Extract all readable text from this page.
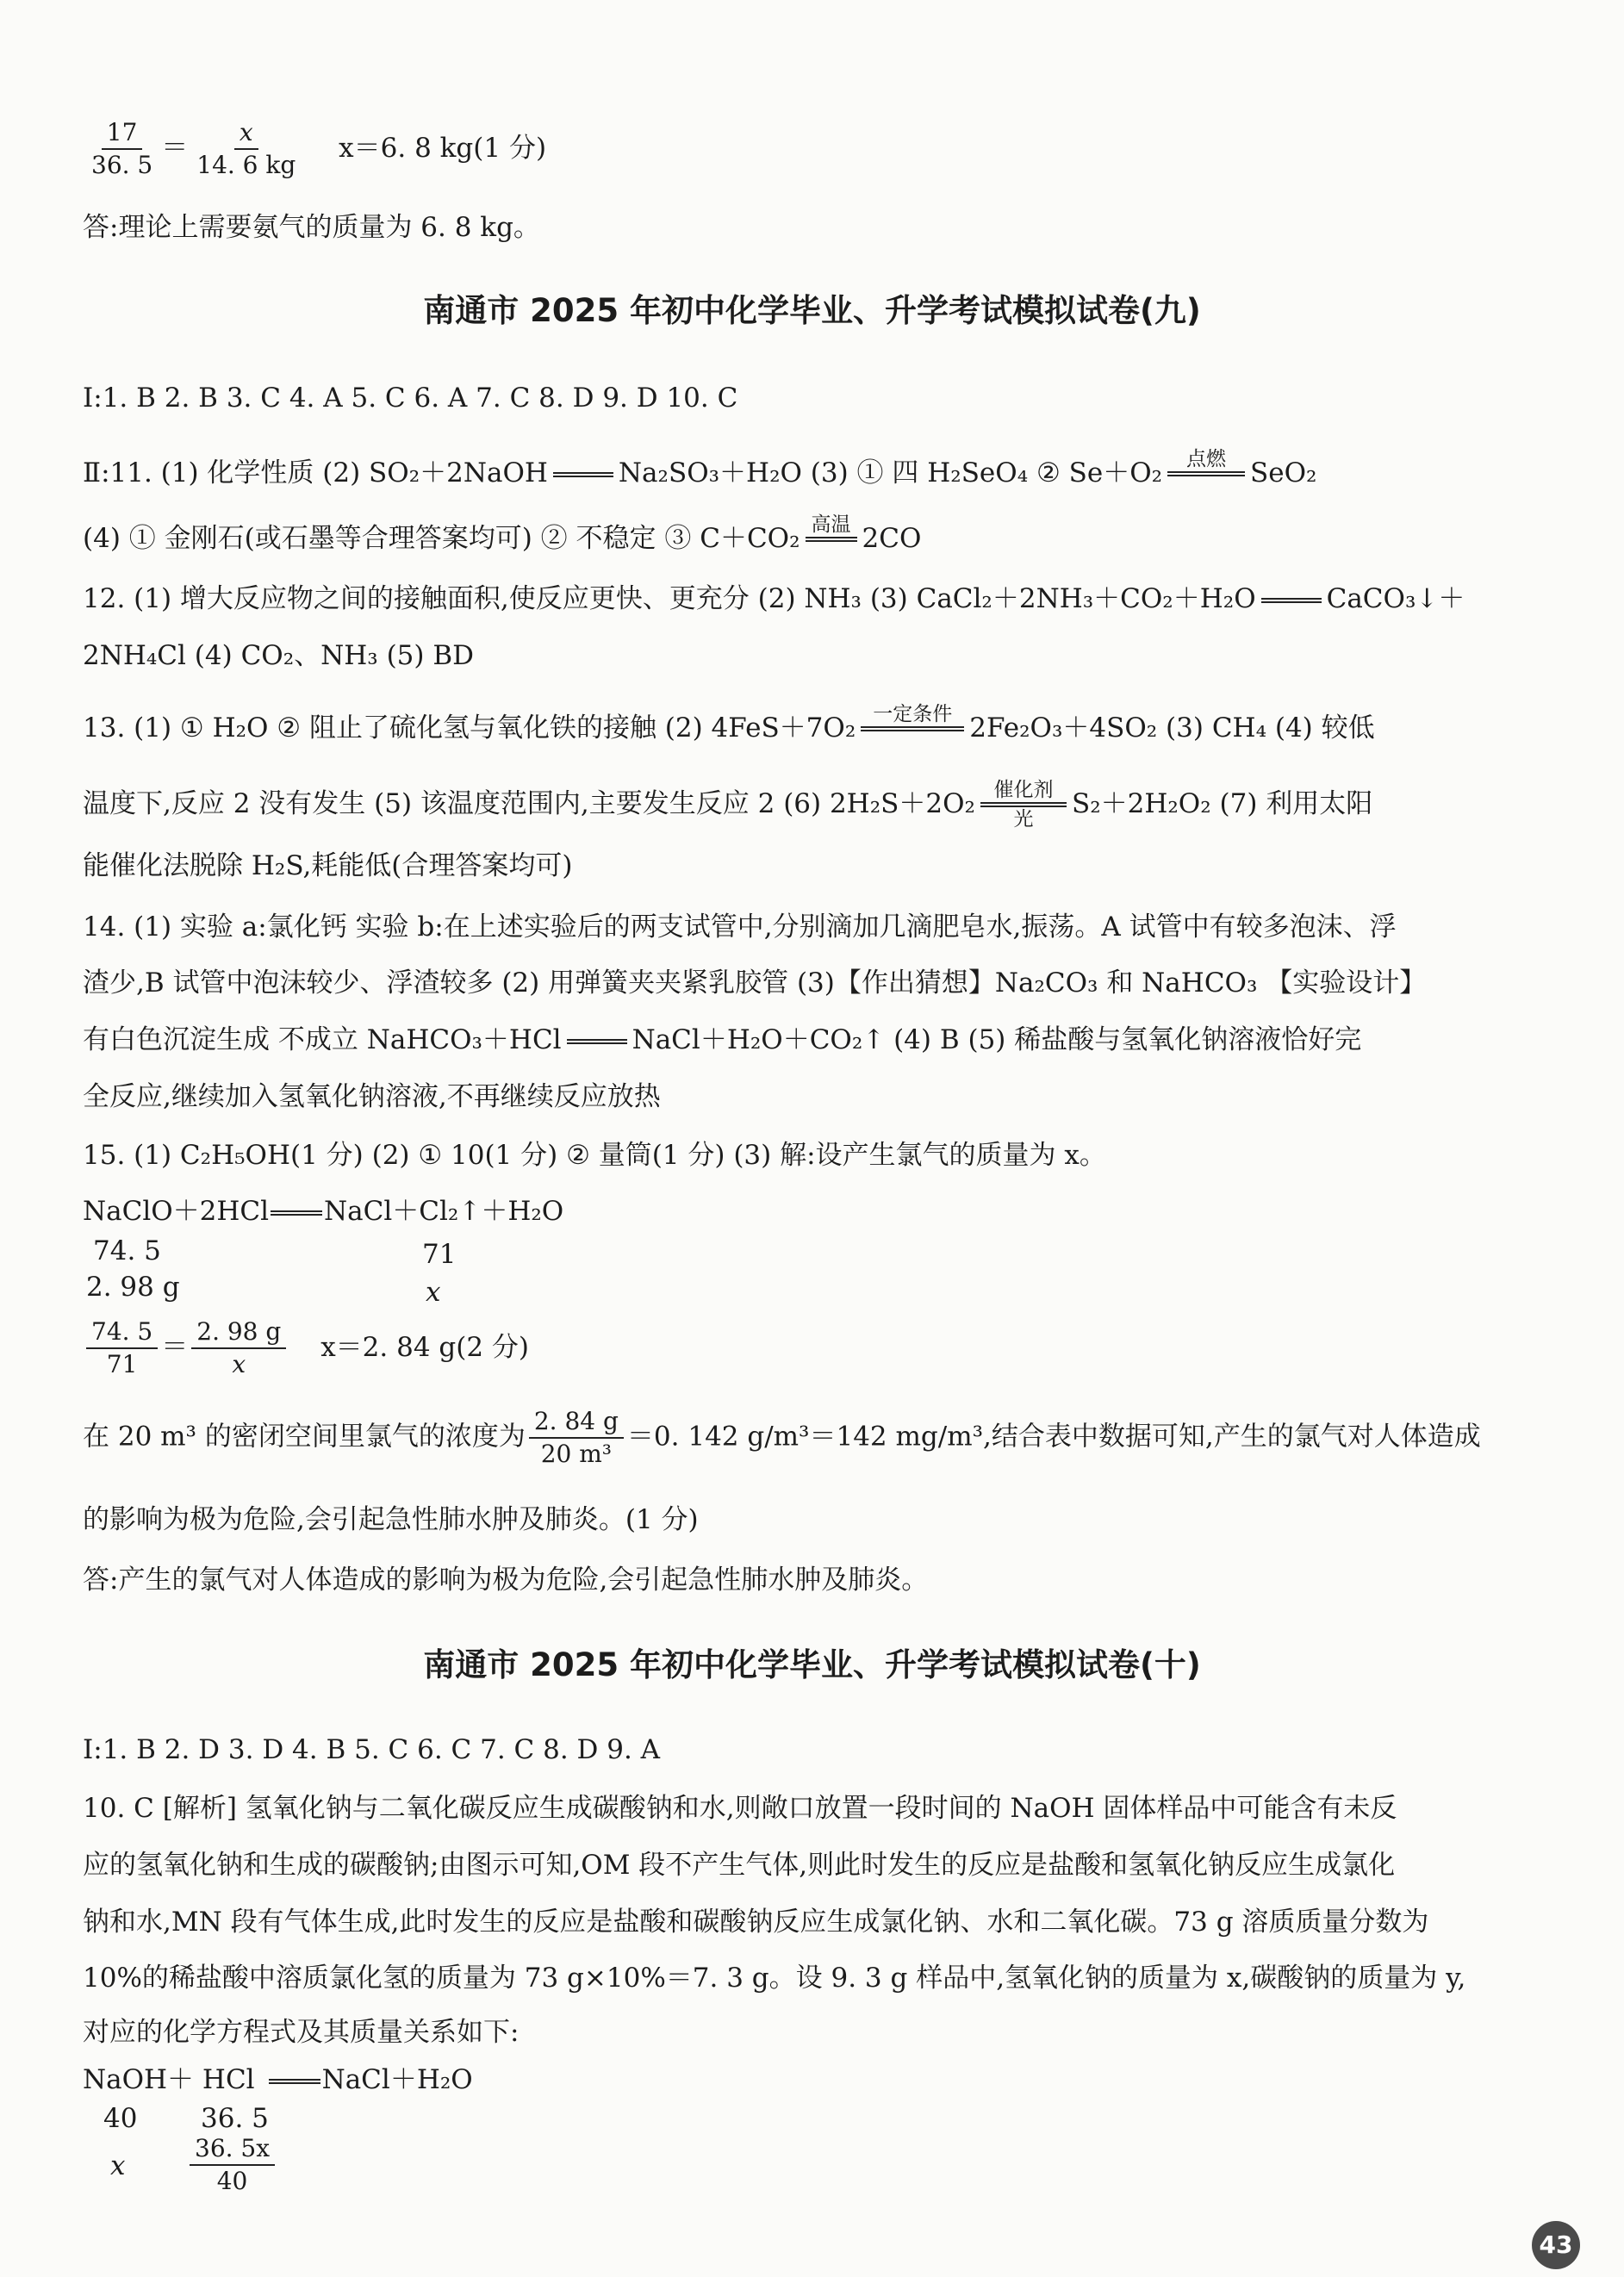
$\frac{17}{36. 5} = \frac{x}{14. 6 kg} x=6$. 8 kg(1 分)
答:理论上需要氨气的质量为 6. 8 kg。
南通市 2025 年初中化学毕业、升学考试模拟试卷(九)
Ⅰ:1. B 2. B 3. C 4. A 5. C 6. A 7. C 8. D 9. D 10. C
Ⅱ:11. (1) 化学性质 (2) SO₂＋2NaOH	Na₂SO₃＋H₂O (3) ① 四 H₂SeO₄ ② Se＋O₂ 点燃 SeO₂
(4) ① 金刚石(或石墨等合理答案均可) ② 不稳定 ③ C＋CO₂ 高温 2CO
12. (1) 增大反应物之间的接触面积,使反应更快、更充分 (2) NH₃ (3) CaCl₂＋2NH₃＋CO₂＋H₂O	CaCO₃↓＋
2NH₄Cl (4) CO₂、NH₃ (5) BD
13. (1) ① H₂O ② 阻止了硫化氢与氧化铁的接触 (2) 4FeS＋7O₂ 一定条件 2Fe₂O₃＋4SO₂ (3) CH₄ (4) 较低
温度下,反应 2 没有发生 (5) 该温度范围内,主要发生反应 2 (6) 2H₂S＋2O₂ 催化剂
光 S₂＋2H₂O₂ (7) 利用太阳
能催化法脱除 H₂S,耗能低(合理答案均可)
14. (1) 实验 a:氯化钙 实验 b:在上述实验后的两支试管中,分别滴加几滴肥皂水,振荡。A 试管中有较多泡沫、浮
渣少,B 试管中泡沫较少、浮渣较多 (2) 用弹簧夹夹紧乳胶管 (3)【作出猜想】Na₂CO₃ 和 NaHCO₃ 【实验设计】
有白色沉淀生成 不成立 NaHCO₃＋HCl	NaCl＋H₂O＋CO₂↑ (4) B (5) 稀盐酸与氢氧化钠溶液恰好完
全反应,继续加入氢氧化钠溶液,不再继续反应放热
15. (1) C₂H₅OH(1 分) (2) ① 10(1 分) ② 量筒(1 分) (3) 解:设产生氯气的质量为 x。
NaClO＋2HCl NaCl＋Cl₂↑＋H₂O
74. 5	71
2. 98 g	x
$\frac{74. 5}{71} = \frac{2. 98 g}{x} x=2$. 84 g(2 分)
在 20 m³ 的密闭空间里氯气的浓度为 $\frac{2. 84 g}{\text{20 m³}} =0$. 142 g/m³＝142 mg/m³,结合表中数据可知,产生的氯气对人体造成
的影响为极为危险,会引起急性肺水肿及肺炎。(1 分)
答:产生的氯气对人体造成的影响为极为危险,会引起急性肺水肿及肺炎。
南通市 2025 年初中化学毕业、升学考试模拟试卷(十)
Ⅰ:1. B 2. D 3. D 4. B 5. C 6. C 7. C 8. D 9. A
10. C [解析] 氢氧化钠与二氧化碳反应生成碳酸钠和水,则敞口放置一段时间的 NaOH 固体样品中可能含有未反
应的氢氧化钠和生成的碳酸钠;由图示可知,OM 段不产生气体,则此时发生的反应是盐酸和氢氧化钠反应生成氯化
钠和水,MN 段有气体生成,此时发生的反应是盐酸和碳酸钠反应生成氯化钠、水和二氧化碳。73 g 溶质质量分数为
10%的稀盐酸中溶质氯化氢的质量为 73 g×10%＝7. 3 g。设 9. 3 g 样品中,氢氧化钠的质量为 x,碳酸钠的质量为 y,
对应的化学方程式及其质量关系如下:
NaOH＋ HCl	NaCl＋H₂O
40 36. 5
x	$\frac{36. 5x}{40}$
43
